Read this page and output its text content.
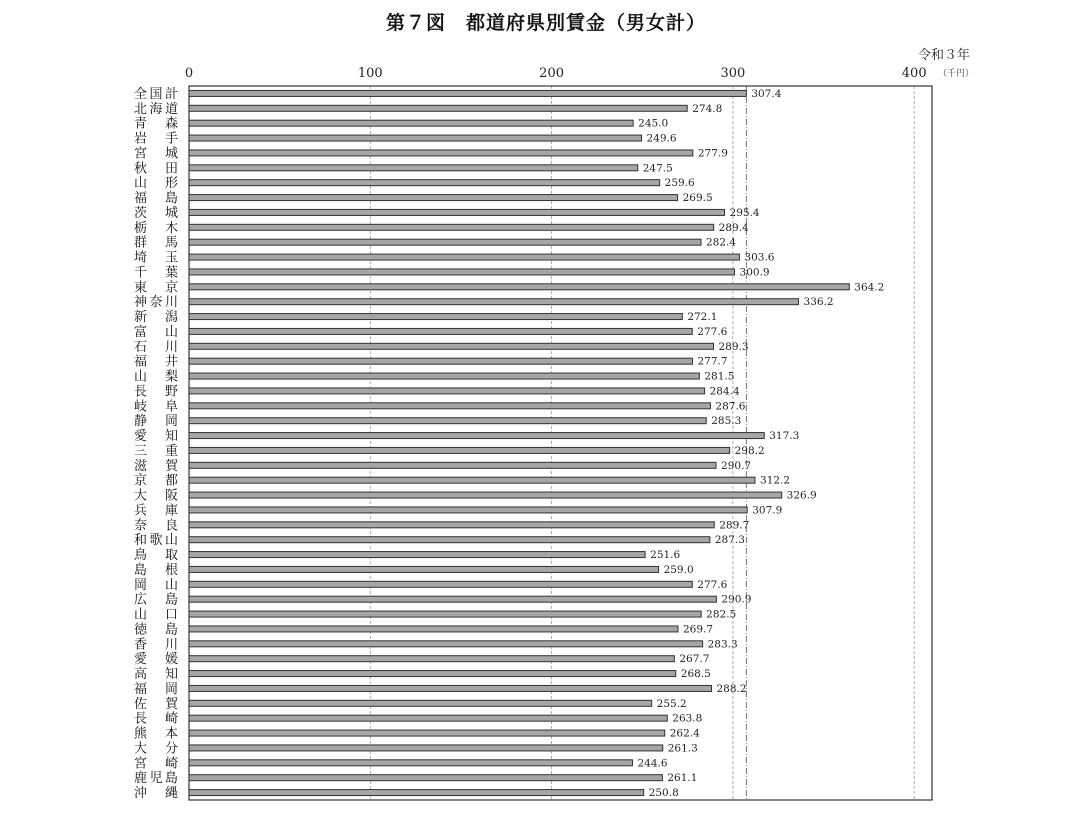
第７図　都道府県別賃金（男女計）
令和３年
（千円）
0	100	200	300	400
全国計	307.4
北海道	274.8
青　森	245.0
岩　手	249.6
宮　城	277.9
秋　田	247.5
山　形	259.6
福　島	269.5
茨　城	295.4
栃　木	289.4
群　馬	282.4
埼　玉	303.6
千　葉	300.9
東　京	364.2
神奈川	336.2
新　潟	272.1
富　山	277.6
石　川	289.3
福　井	277.7
山　梨	281.5
長　野	284.4
岐　阜	287.6
静　岡	285.3
愛　知	317.3
三　重	298.2
滋　賀	290.7
京　都	312.2
大　阪	326.9
兵　庫	307.9
奈　良	289.7
和歌山	287.3
鳥　取	251.6
島　根	259.0
岡　山	277.6
広　島	290.9
山　口	282.5
徳　島	269.7
香　川	283.3
愛　媛	267.7
高　知	268.5
福　岡	288.2
佐　賀	255.2
長　崎	263.8
熊　本	262.4
大　分	261.3
宮　崎	244.6
鹿児島	261.1
沖　縄	250.8
